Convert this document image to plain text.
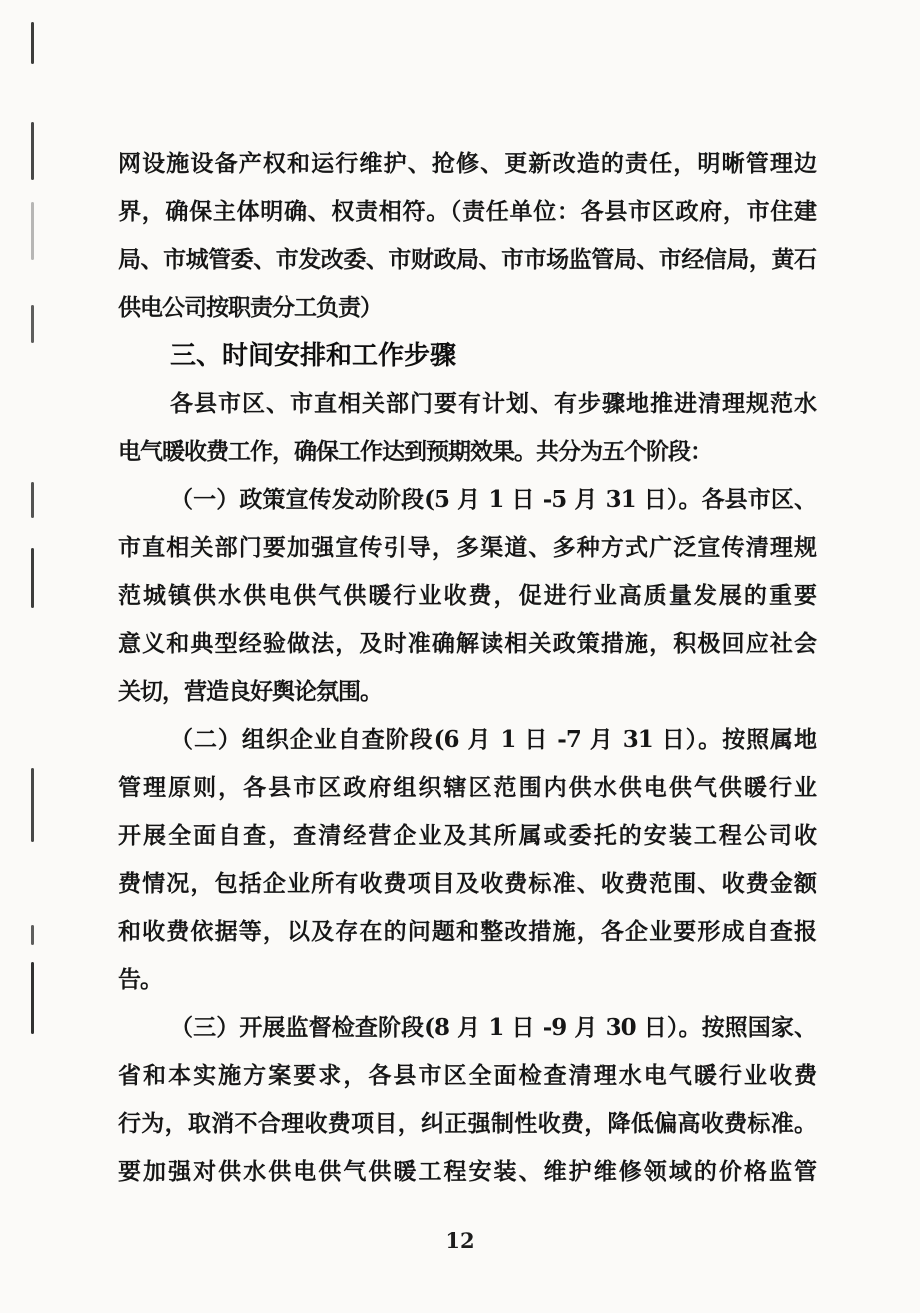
网设施设备产权和运行维护、抢修、更新改造的责任，明晰管理边
界，确保主体明确、权责相符。（责任单位：各县市区政府，市住建
局、市城管委、市发改委、市财政局、市市场监管局、市经信局，黄石
供电公司按职责分工负责）
三、时间安排和工作步骤
各县市区、市直相关部门要有计划、有步骤地推进清理规范水
电气暖收费工作，确保工作达到预期效果。共分为五个阶段：
（一）政策宣传发动阶段(5 月 1 日 -5 月 31 日）。各县市区、
市直相关部门要加强宣传引导，多渠道、多种方式广泛宣传清理规
范城镇供水供电供气供暖行业收费，促进行业高质量发展的重要
意义和典型经验做法，及时准确解读相关政策措施，积极回应社会
关切，营造良好舆论氛围。
（二）组织企业自查阶段(6 月 1 日 -7 月 31 日）。按照属地
管理原则，各县市区政府组织辖区范围内供水供电供气供暖行业
开展全面自查，查清经营企业及其所属或委托的安装工程公司收
费情况，包括企业所有收费项目及收费标准、收费范围、收费金额
和收费依据等，以及存在的问题和整改措施，各企业要形成自查报
告。
（三）开展监督检查阶段(8 月 1 日 -9 月 30 日）。按照国家、
省和本实施方案要求，各县市区全面检查清理水电气暖行业收费
行为，取消不合理收费项目，纠正强制性收费，降低偏高收费标准。
要加强对供水供电供气供暖工程安装、维护维修领域的价格监管
12
